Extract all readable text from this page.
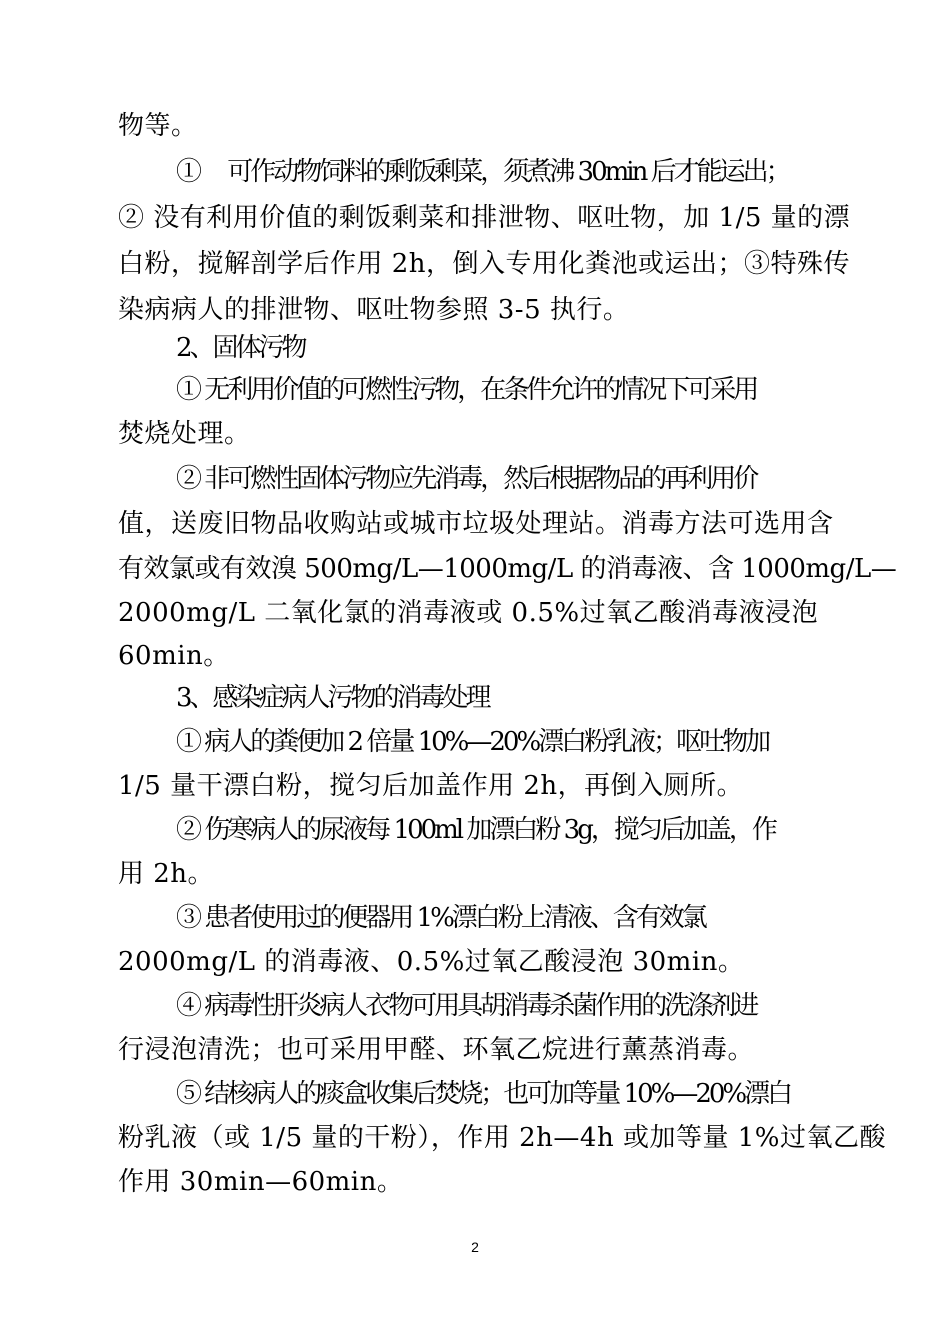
物等。
①　 可作动物饲料的剩饭剩菜，须煮沸 30min 后才能运出；
② 没有利用价值的剩饭剩菜和排泄物、呕吐物，加 1/5 量的漂
白粉，搅解剖学后作用 2h，倒入专用化粪池或运出；③特殊传
染病病人的排泄物、呕吐物参照 3-5 执行。
2、固体污物
① 无利用价值的可燃性污物，在条件允许的情况下可采用
焚烧处理。
② 非可燃性固体污物应先消毒，然后根据物品的再利用价
值，送废旧物品收购站或城市垃圾处理站。消毒方法可选用含
有效氯或有效溴 500mg/L—1000mg/L 的消毒液、含 1000mg/L—
2000mg/L 二氧化氯的消毒液或 0.5%过氧乙酸消毒液浸泡
60min。
3、感染症病人污物的消毒处理
① 病人的粪便加 2 倍量 10%—20%漂白粉乳液；呕吐物加
1/5 量干漂白粉，搅匀后加盖作用 2h，再倒入厕所。
② 伤寒病人的尿液每 100ml 加漂白粉 3g，搅匀后加盖，作
用 2h。
③ 患者使用过的便器用 1%漂白粉上清液、含有效氯
2000mg/L 的消毒液、0.5%过氧乙酸浸泡 30min。
④ 病毒性肝炎病人衣物可用具胡消毒杀菌作用的洗涤剂进
行浸泡清洗；也可采用甲醛、环氧乙烷进行薰蒸消毒。
⑤ 结核病人的痰盒收集后焚烧；也可加等量 10%—20%漂白
粉乳液（或 1/5 量的干粉），作用 2h—4h 或加等量 1%过氧乙酸
作用 30min—60min。
2
